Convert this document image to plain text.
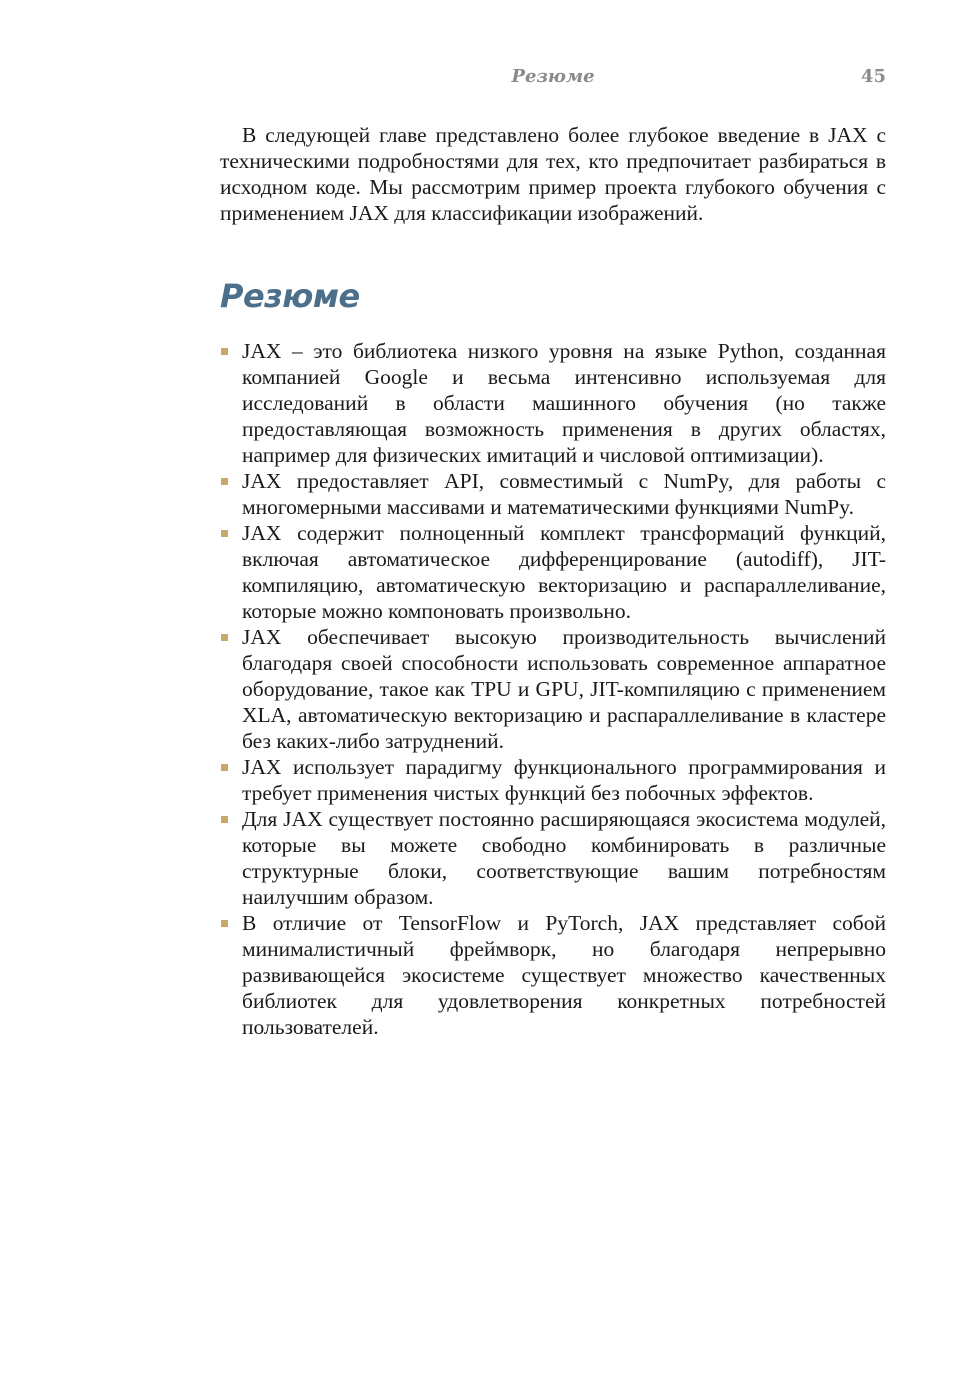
Резюме	45

В следующей главе представлено более глубокое введение в JAX с техническими подробностями для тех, кто предпочитает разбираться в исходном коде. Мы рассмотрим пример проекта глубокого обучения с применением JAX для классификации изображений.

Резюме
JAX – это библиотека низкого уровня на языке Python, созданная компанией Google и весьма интенсивно используемая для исследований в области машинного обучения (но также предоставляющая возможность применения в других областях, например для физических имитаций и числовой оптимизации).
JAX предоставляет API, совместимый с NumPy, для работы с многомерными массивами и математическими функциями NumPy.
JAX содержит полноценный комплект трансформаций функций, включая автоматическое дифференцирование (autodiff), JIT-компиляцию, автоматическую векторизацию и распараллеливание, которые можно компоновать произвольно.
JAX обеспечивает высокую производительность вычислений благодаря своей способности использовать современное аппаратное оборудование, такое как TPU и GPU, JIT-компиляцию с применением XLA, автоматическую векторизацию и распараллеливание в кластере без каких-либо затруднений.
JAX использует парадигму функционального программирования и требует применения чистых функций без побочных эффектов.
Для JAX существует постоянно расширяющаяся экосистема модулей, которые вы можете свободно комбинировать в различные структурные блоки, соответствующие вашим потребностям наилучшим образом.
В отличие от TensorFlow и PyTorch, JAX представляет собой минималистичный фреймворк, но благодаря непрерывно развивающейся экосистеме существует множество качественных библиотек для удовлетворения конкретных потребностей пользователей.
